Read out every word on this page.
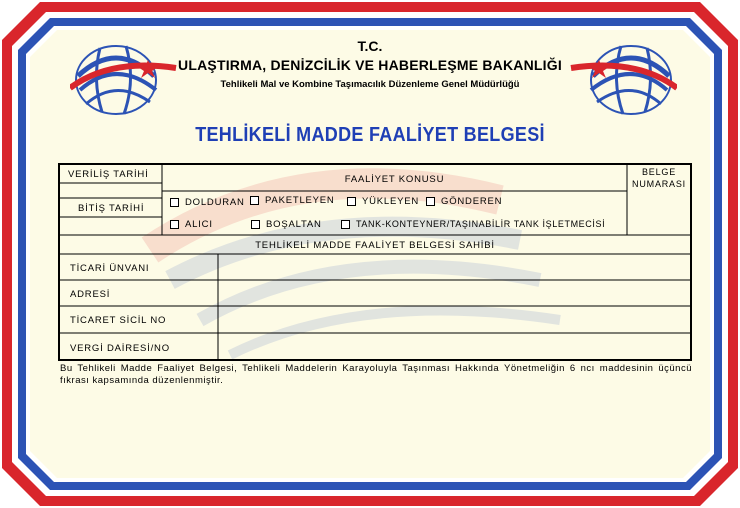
T.C.
ULAŞTIRMA, DENİZCİLİK VE HABERLEŞME BAKANLIĞI
Tehlikeli Mal ve Kombine Taşımacılık Düzenleme Genel Müdürlüğü
TEHLİKELİ MADDE FAALİYET BELGESİ
VERİLİŞ TARİHİ
BİTİŞ TARİHİ
FAALİYET KONUSU
BELGE
NUMARASI
DOLDURAN	PAKETLEYEN	YÜKLEYEN	GÖNDEREN
ALICI	BOŞALTAN	TANK-KONTEYNER/TAŞINABİLİR TANK İŞLETMECİSİ
TEHLİKELİ MADDE FAALİYET BELGESİ SAHİBİ
TİCARİ ÜNVANI
ADRESİ
TİCARET SİCİL NO
VERGİ DAİRESİ/NO
Bu Tehlikeli Madde Faaliyet Belgesi, Tehlikeli Maddelerin Karayoluyla Taşınması Hakkında Yönetmeliğin 6 ncı maddesinin üçüncü fıkrası kapsamında düzenlenmiştir.
